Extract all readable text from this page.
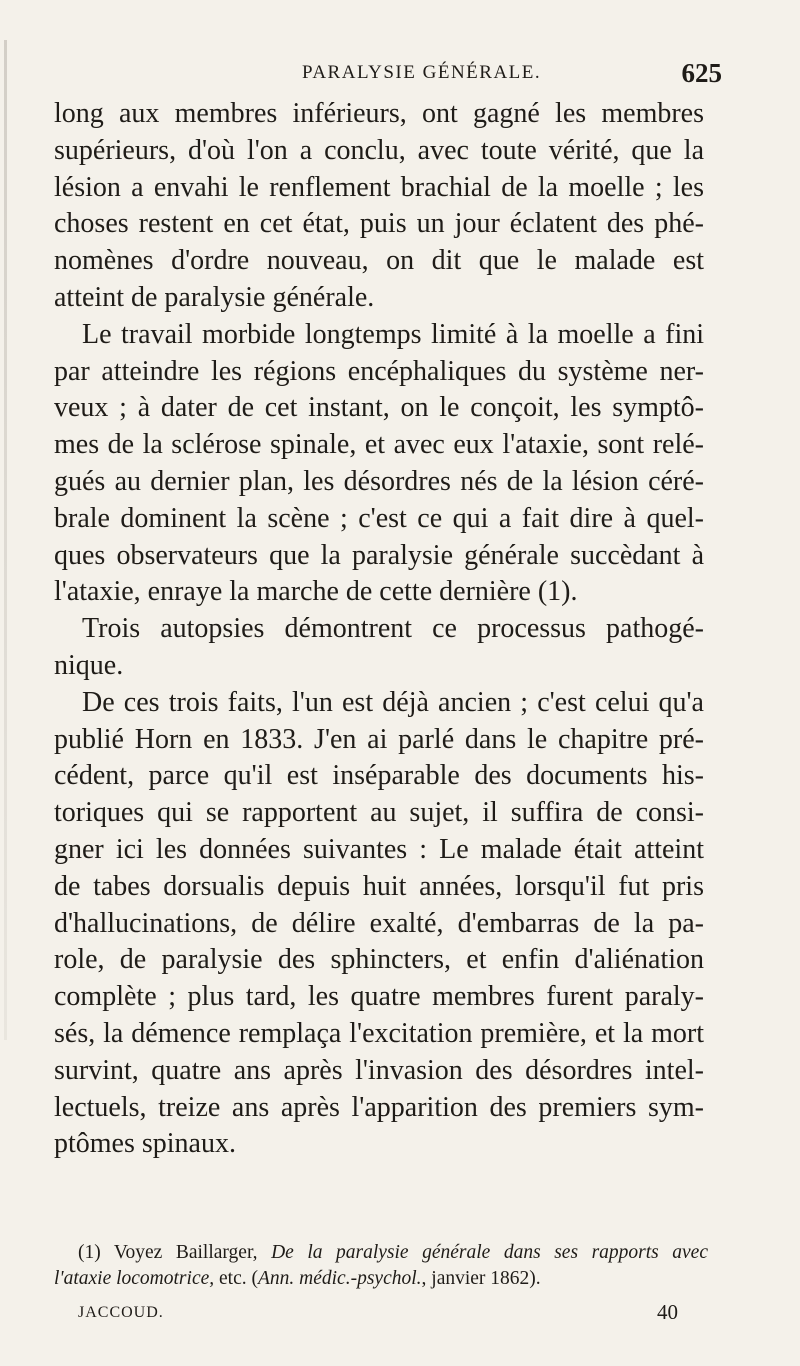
PARALYSIE GÉNÉRALE.	625
long aux membres inférieurs, ont gagné les membres
supérieurs, d'où l'on a conclu, avec toute vérité, que la
lésion a envahi le renflement brachial de la moelle ; les
choses restent en cet état, puis un jour éclatent des phé-
nomènes d'ordre nouveau, on dit que le malade est
atteint de paralysie générale.
Le travail morbide longtemps limité à la moelle a fini
par atteindre les régions encéphaliques du système ner-
veux ; à dater de cet instant, on le conçoit, les symptô-
mes de la sclérose spinale, et avec eux l'ataxie, sont relé-
gués au dernier plan, les désordres nés de la lésion céré-
brale dominent la scène ; c'est ce qui a fait dire à quel-
ques observateurs que la paralysie générale succèdant à
l'ataxie, enraye la marche de cette dernière (1).
Trois autopsies démontrent ce processus pathogé-
nique.
De ces trois faits, l'un est déjà ancien ; c'est celui qu'a
publié Horn en 1833. J'en ai parlé dans le chapitre pré-
cédent, parce qu'il est inséparable des documents his-
toriques qui se rapportent au sujet, il suffira de consi-
gner ici les données suivantes : Le malade était atteint
de tabes dorsualis depuis huit années, lorsqu'il fut pris
d'hallucinations, de délire exalté, d'embarras de la pa-
role, de paralysie des sphincters, et enfin d'aliénation
complète ; plus tard, les quatre membres furent paraly-
sés, la démence remplaça l'excitation première, et la mort
survint, quatre ans après l'invasion des désordres intel-
lectuels, treize ans après l'apparition des premiers sym-
ptômes spinaux.
(1) Voyez Baillarger, De la paralysie générale dans ses rapports avec
l'ataxie locomotrice, etc. (Ann. médic.-psychol., janvier 1862).
JACCOUD.	40
